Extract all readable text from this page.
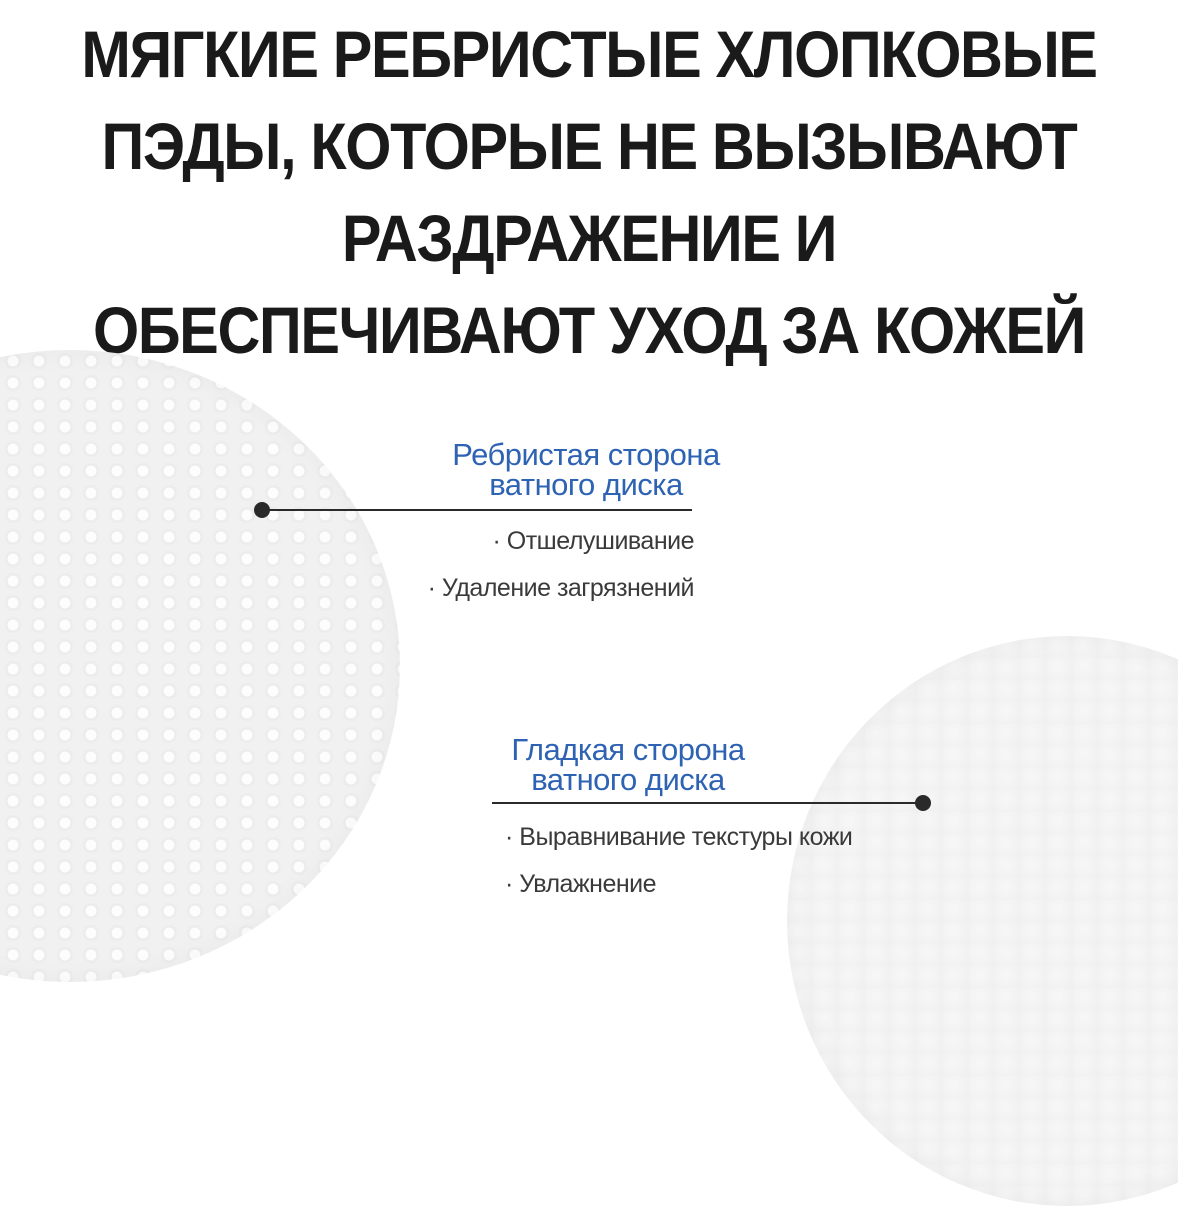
МЯГКИЕ РЕБРИСТЫЕ ХЛОПКОВЫЕ
ПЭДЫ, КОТОРЫЕ НЕ ВЫЗЫВАЮТ
РАЗДРАЖЕНИЕ И
ОБЕСПЕЧИВАЮТ УХОД ЗА КОЖЕЙ
Ребристая сторона
ватного диска
· Отшелушивание
· Удаление загрязнений
Гладкая сторона
ватного диска
· Выравнивание текстуры кожи
· Увлажнение
